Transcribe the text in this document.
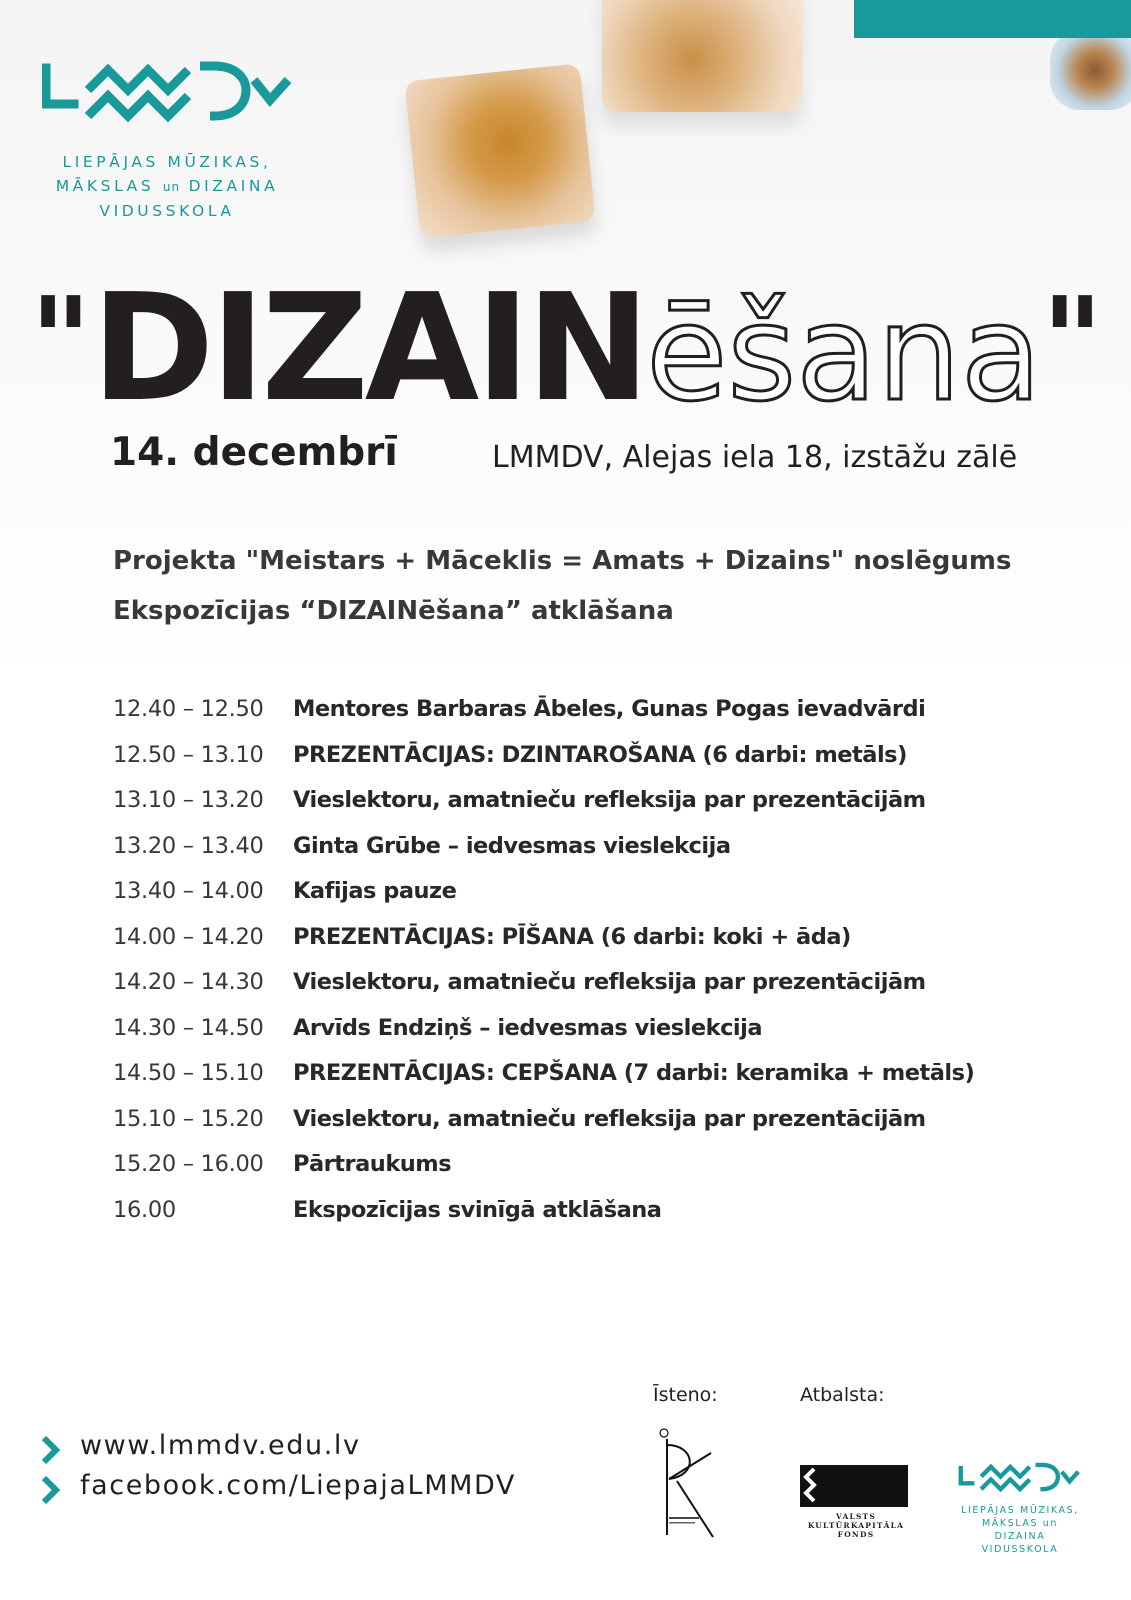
LIEPĀJAS MŪZIKAS,
MĀKSLAS un DIZAINA
VIDUSSKOLA
"DIZAINēšana"
14. decembrī	LMMDV, Alejas iela 18, izstāžu zālē
Projekta "Meistars + Māceklis = Amats + Dizains" noslēgums
Ekspozīcijas “DIZAINēšana” atklāšana
12.40 – 12.50 Mentores Barbaras Ābeles, Gunas Pogas ievadvārdi
12.50 – 13.10 PREZENTĀCIJAS: DZINTAROŠANA (6 darbi: metāls)
13.10 – 13.20 Vieslektoru, amatnieču refleksija par prezentācijām
13.20 – 13.40 Ginta Grūbe – iedvesmas vieslekcija
13.40 – 14.00 Kafijas pauze
14.00 – 14.20 PREZENTĀCIJAS: PĪŠANA (6 darbi: koki + āda)
14.20 – 14.30 Vieslektoru, amatnieču refleksija par prezentācijām
14.30 – 14.50 Arvīds Endziņš – iedvesmas vieslekcija
14.50 – 15.10 PREZENTĀCIJAS: CEPŠANA (7 darbi: keramika + metāls)
15.10 – 15.20 Vieslektoru, amatnieču refleksija par prezentācijām
15.20 – 16.00 Pārtraukums
16.00	Ekspozīcijas svinīgā atklāšana
www.lmmdv.edu.lv
facebook.com/LiepajaLMMDV
Īsteno:	Atbalsta:
VALSTS
KULTŪRKAPITĀLA FONDS
LIEPĀJAS MŪZIKAS,
MĀKSLAS un DIZAINA
VIDUSSKOLA
